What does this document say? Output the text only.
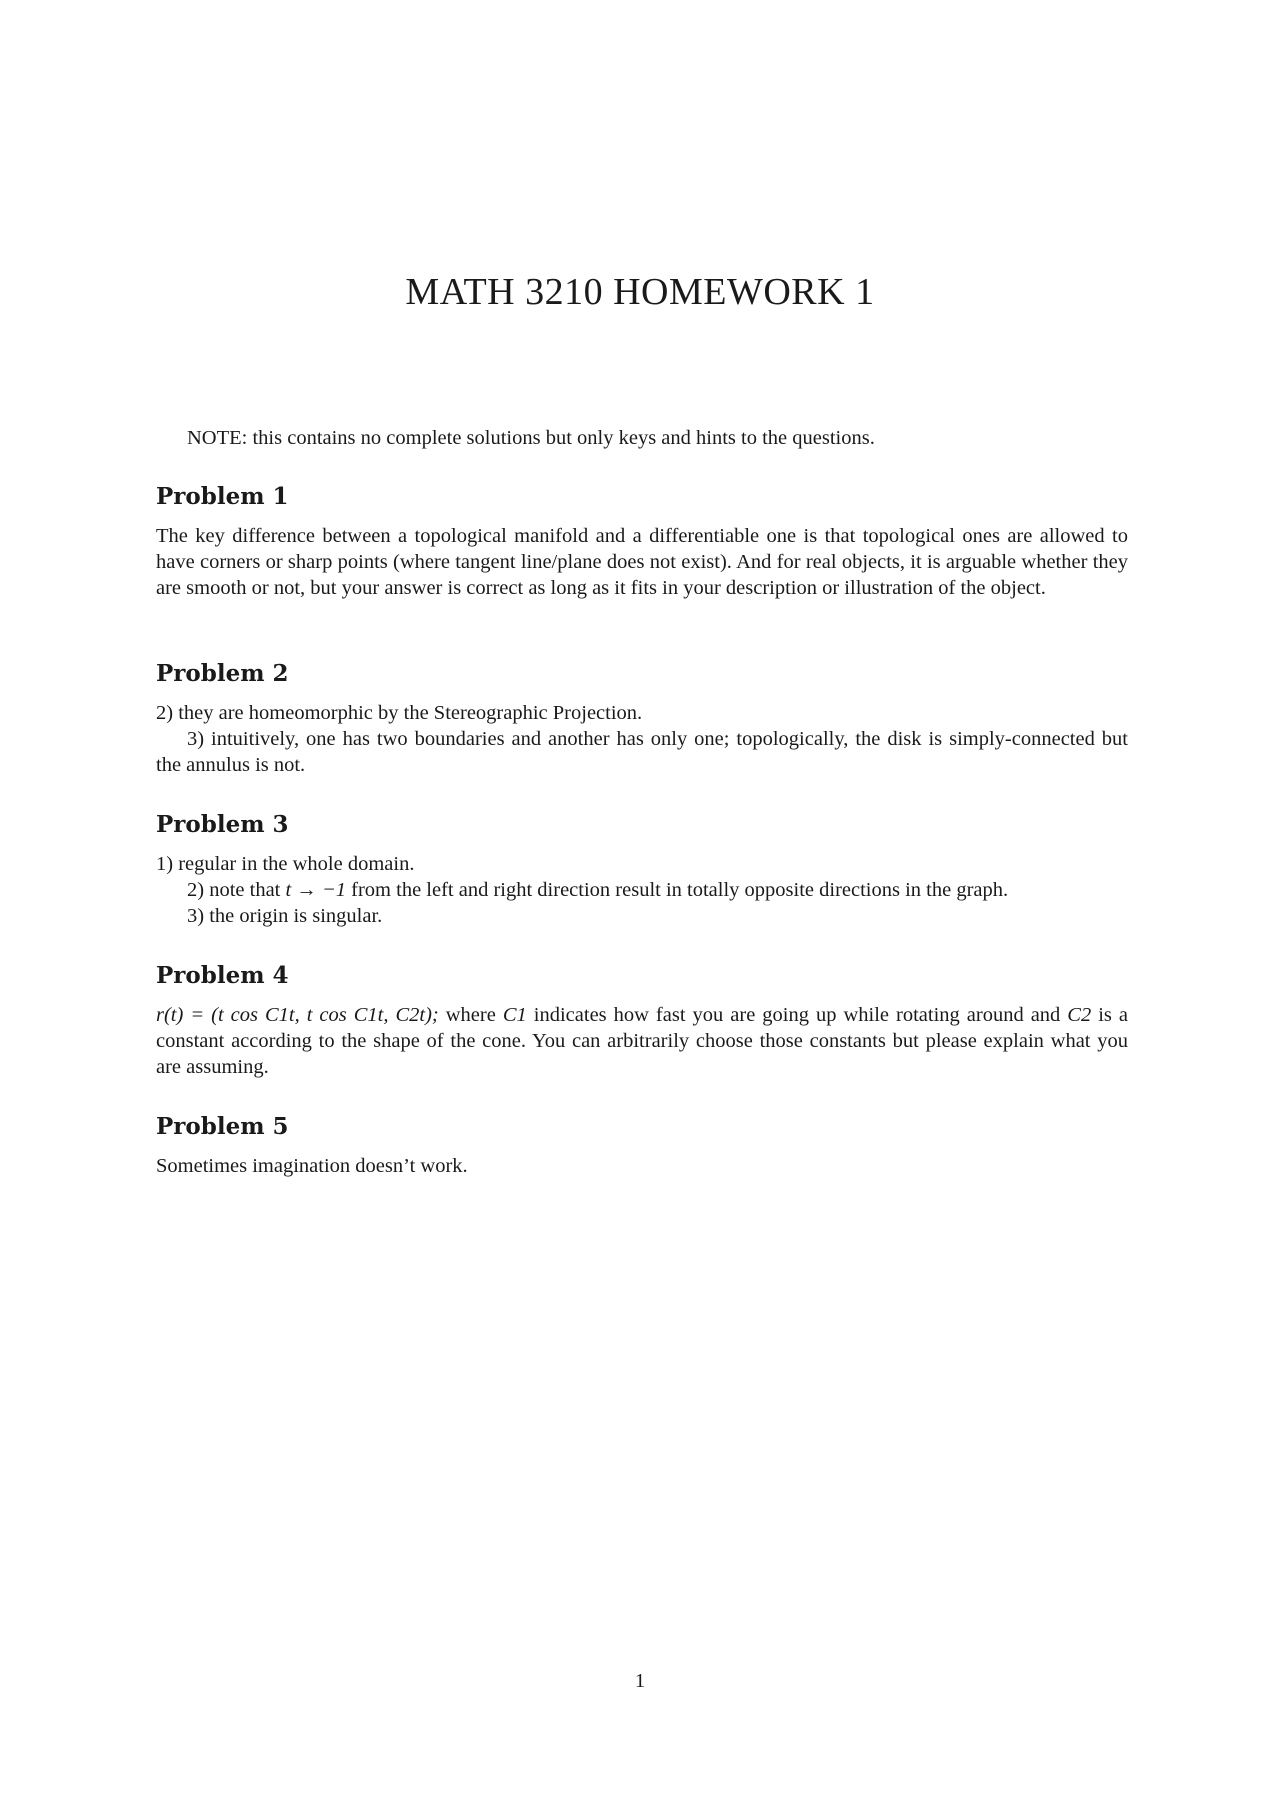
MATH 3210 HOMEWORK 1

NOTE: this contains no complete solutions but only keys and hints to the questions.

Problem 1

The key difference between a topological manifold and a differentiable one is that topological ones are allowed to have corners or sharp points (where tangent line/plane does not exist). And for real objects, it is arguable whether they are smooth or not, but your answer is correct as long as it fits in your description or illustration of the object.

Problem 2

2) they are homeomorphic by the Stereographic Projection.

3) intuitively, one has two boundaries and another has only one; topologically, the disk is simply-connected but the annulus is not.

Problem 3

1) regular in the whole domain.

2) note that t → −1 from the left and right direction result in totally opposite directions in the graph.

3) the origin is singular.

Problem 4

r(t) = (t cos C1t, t cos C1t, C2t); where C1 indicates how fast you are going up while rotating around and C2 is a constant according to the shape of the cone. You can arbitrarily choose those constants but please explain what you are assuming.

Problem 5

Sometimes imagination doesn’t work.

1
